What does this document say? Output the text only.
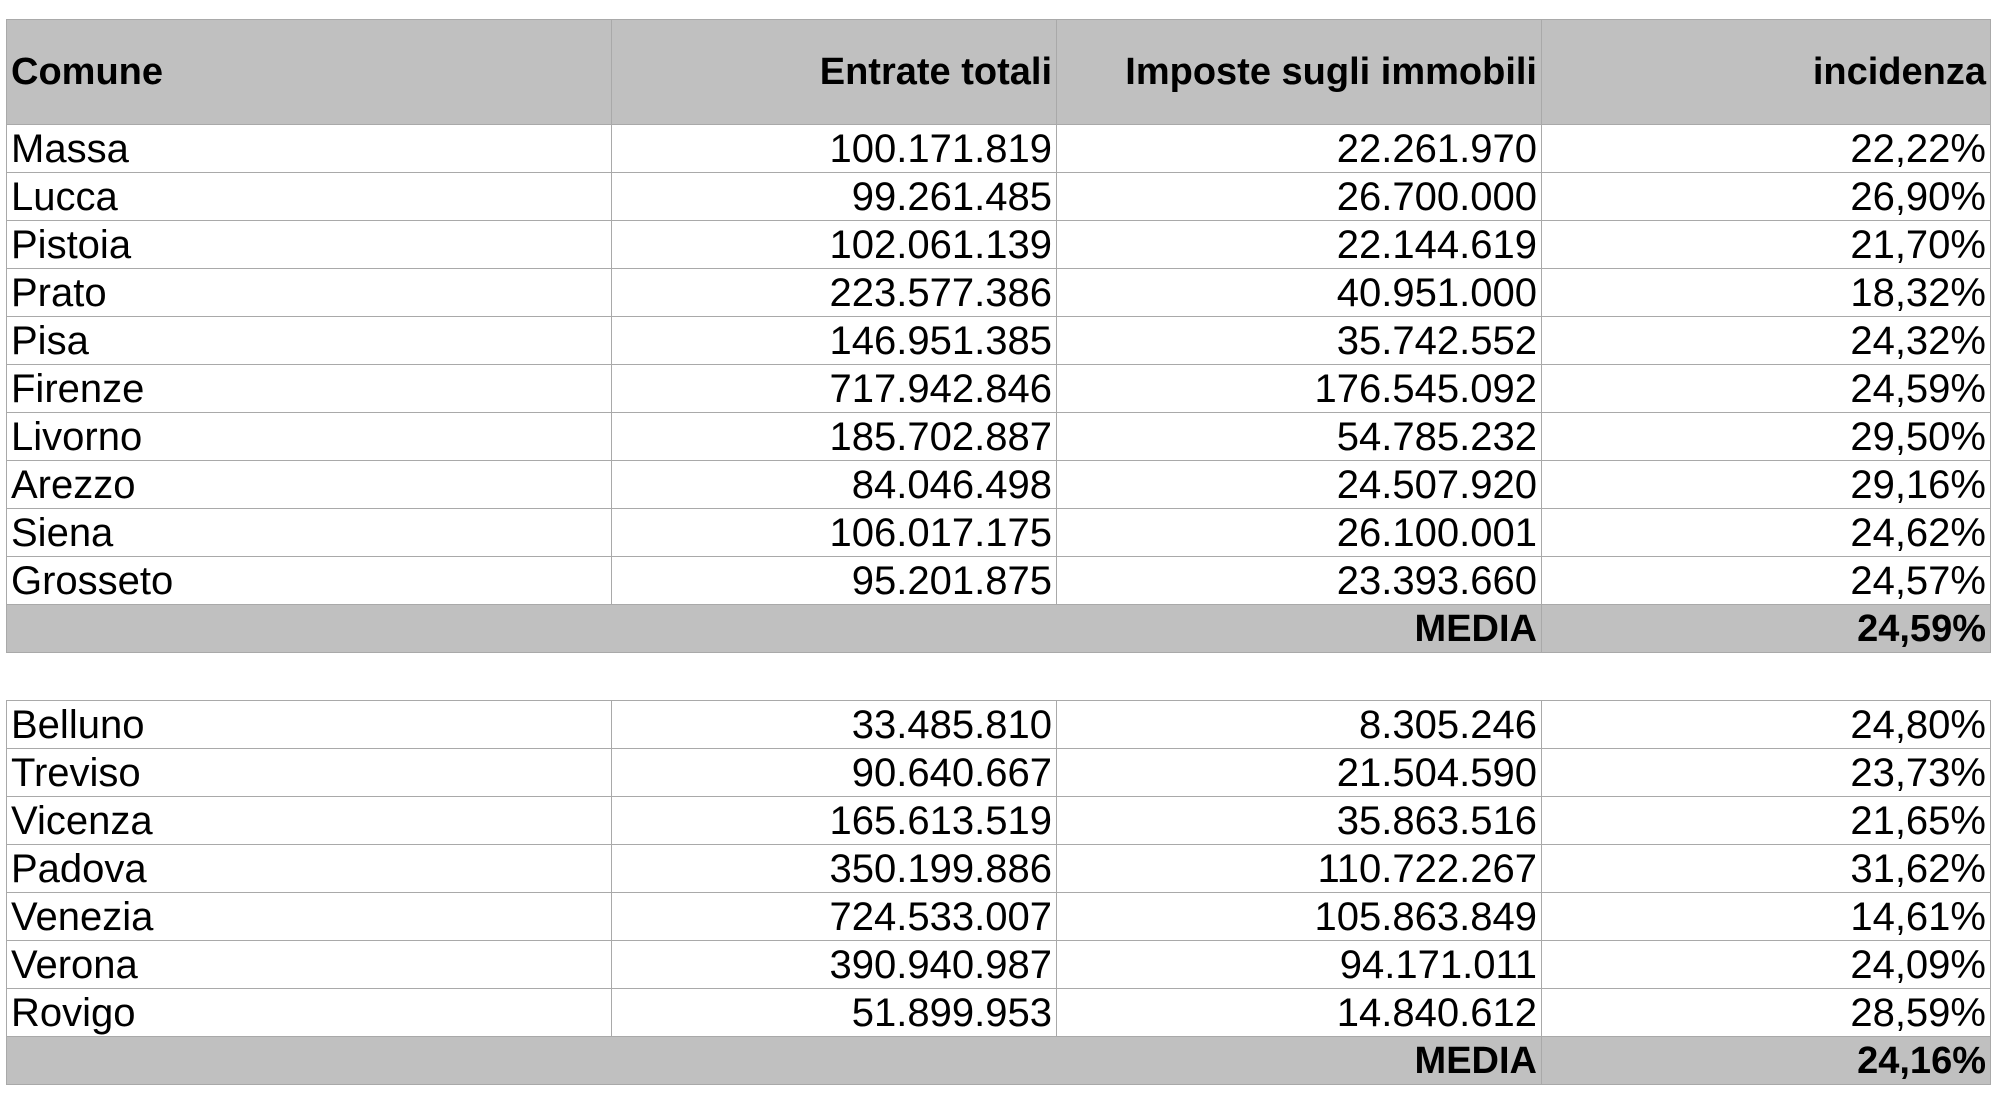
Comune	Entrate totali	Imposte sugli immobili	incidenza
Massa	100.171.819	22.261.970	22,22%
Lucca	99.261.485	26.700.000	26,90%
Pistoia	102.061.139	22.144.619	21,70%
Prato	223.577.386	40.951.000	18,32%
Pisa	146.951.385	35.742.552	24,32%
Firenze	717.942.846	176.545.092	24,59%
Livorno	185.702.887	54.785.232	29,50%
Arezzo	84.046.498	24.507.920	29,16%
Siena	106.017.175	26.100.001	24,62%
Grosseto	95.201.875	23.393.660	24,57%
MEDIA			24,59%

Belluno	33.485.810	8.305.246	24,80%
Treviso	90.640.667	21.504.590	23,73%
Vicenza	165.613.519	35.863.516	21,65%
Padova	350.199.886	110.722.267	31,62%
Venezia	724.533.007	105.863.849	14,61%
Verona	390.940.987	94.171.011	24,09%
Rovigo	51.899.953	14.840.612	28,59%
MEDIA			24,16%
